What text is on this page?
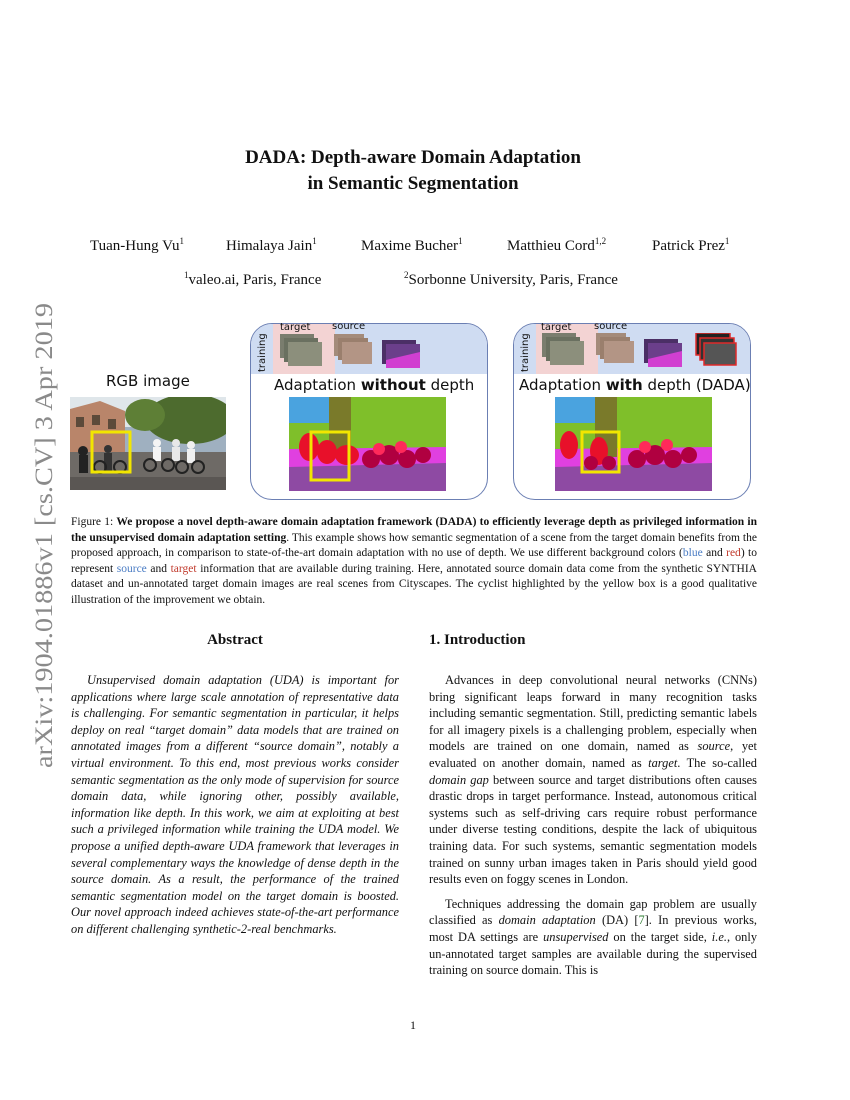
arXiv:1904.01886v1 [cs.CV] 3 Apr 2019
DADA: Depth-aware Domain Adaptation
in Semantic Segmentation
Tuan-Hung Vu$^1$	Himalaya Jain$^1$	Maxime Bucher$^1$	Matthieu Cord$^{1,2}$	Patrick Prez$^1$
$^1$valeo.ai, Paris, France	$^2$Sorbonne University, Paris, France
RGB image
training
target source
Adaptation without depth
training
target source
Adaptation with depth (DADA)
Figure 1: We propose a novel depth-aware domain adaptation framework (DADA) to efficiently leverage depth as privileged information in the unsupervised domain adaptation setting. This example shows how semantic segmentation of a scene from the target domain benefits from the proposed approach, in comparison to state-of-the-art domain adaptation with no use of depth. We use different background colors (blue and red) to represent source and target information that are available during training. Here, annotated source domain data come from the synthetic SYNTHIA dataset and un-annotated target domain images are real scenes from Cityscapes. The cyclist highlighted by the yellow box is a good qualitative illustration of the improvement we obtain.
Abstract

Unsupervised domain adaptation (UDA) is important for applications where large scale annotation of representative data is challenging. For semantic segmentation in particular, it helps deploy on real “target domain” data models that are trained on annotated images from a different “source domain”, notably a virtual environment. To this end, most previous works consider semantic segmentation as the only mode of supervision for source domain data, while ignoring other, possibly available, information like depth. In this work, we aim at exploiting at best such a privileged information while training the UDA model. We propose a unified depth-aware UDA framework that leverages in several complementary ways the knowledge of dense depth in the source domain. As a result, the performance of the trained semantic segmentation model on the target domain is boosted. Our novel approach indeed achieves state-of-the-art performance on different challenging synthetic-2-real benchmarks.

1. Introduction

Advances in deep convolutional neural networks (CNNs) bring significant leaps forward in many recognition tasks including semantic segmentation. Still, predicting semantic labels for all imagery pixels is a challenging problem, especially when models are trained on one domain, named as source, yet evaluated on another domain, named as target. The so-called domain gap between source and target distributions often causes drastic drops in target performance. Instead, autonomous critical systems such as self-driving cars require robust performance under diverse testing conditions, despite the lack of ubiquitous training data. For such systems, semantic segmentation models trained on sunny urban images taken in Paris should yield good results even on foggy scenes in London.

Techniques addressing the domain gap problem are usually classified as domain adaptation (DA) [7]. In previous works, most DA settings are unsupervised on the target side, i.e., only un-annotated target samples are available during the supervised training on source domain. This is

1
